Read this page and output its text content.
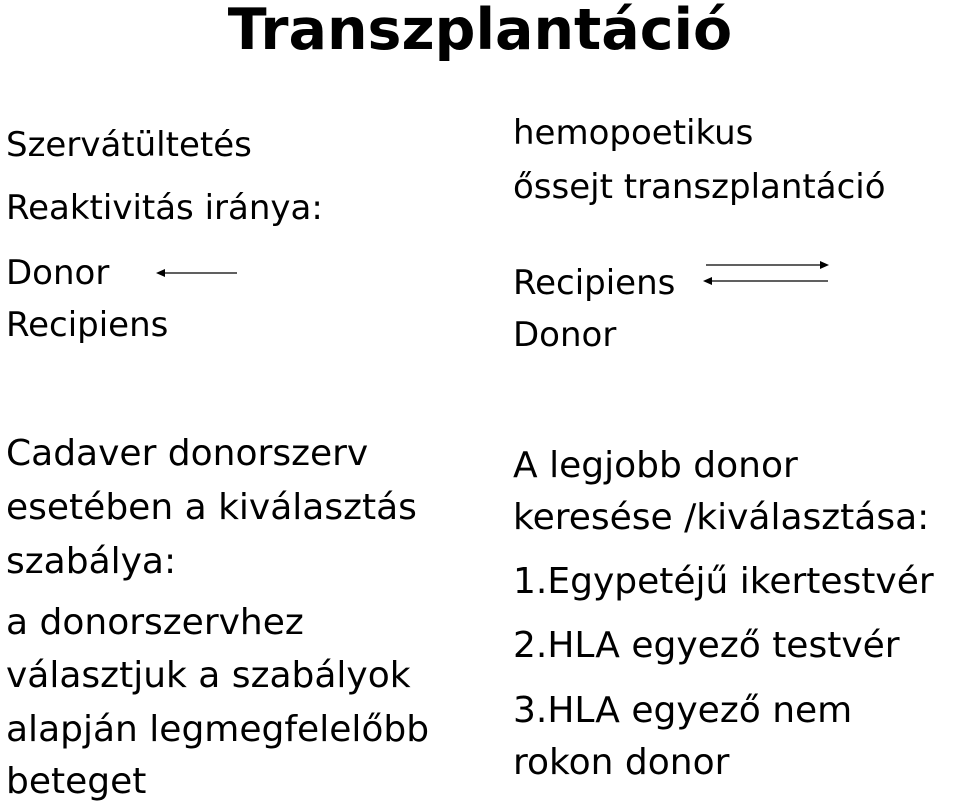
Transzplantáció
Szervátültetés
Reaktivitás iránya:
Donor
Recipiens
hemopoetikus
őssejt transzplantáció
Recipiens
Donor
Cadaver donorszerv
esetében a kiválasztás
szabálya:
a donorszervhez
választjuk a szabályok
alapján legmegfelelőbb
beteget
A legjobb donor
keresése /kiválasztása:
1.Egypetéjű ikertestvér
2.HLA egyező testvér
3.HLA egyező nem
rokon donor
